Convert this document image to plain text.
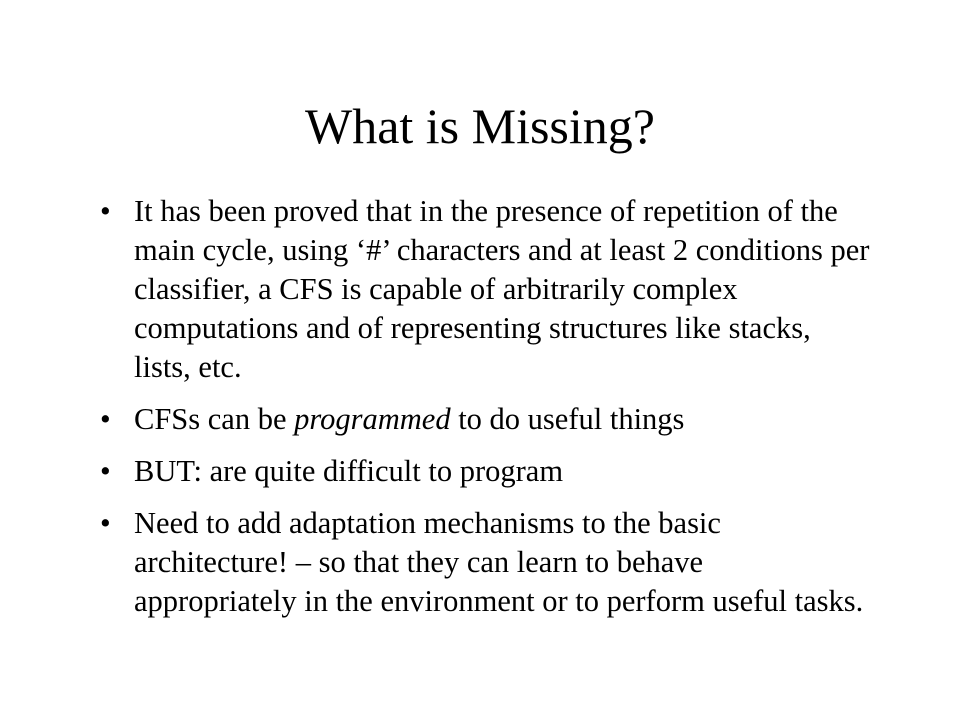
What is Missing?
• It has been proved that in the presence of repetition of the main cycle, using ‘#’ characters and at least 2 conditions per classifier, a CFS is capable of arbitrarily complex computations and of representing structures like stacks, lists, etc.
• CFSs can be programmed to do useful things
• BUT: are quite difficult to program
• Need to add adaptation mechanisms to the basic architecture! – so that they can learn to behave appropriately in the environment or to perform useful tasks.
